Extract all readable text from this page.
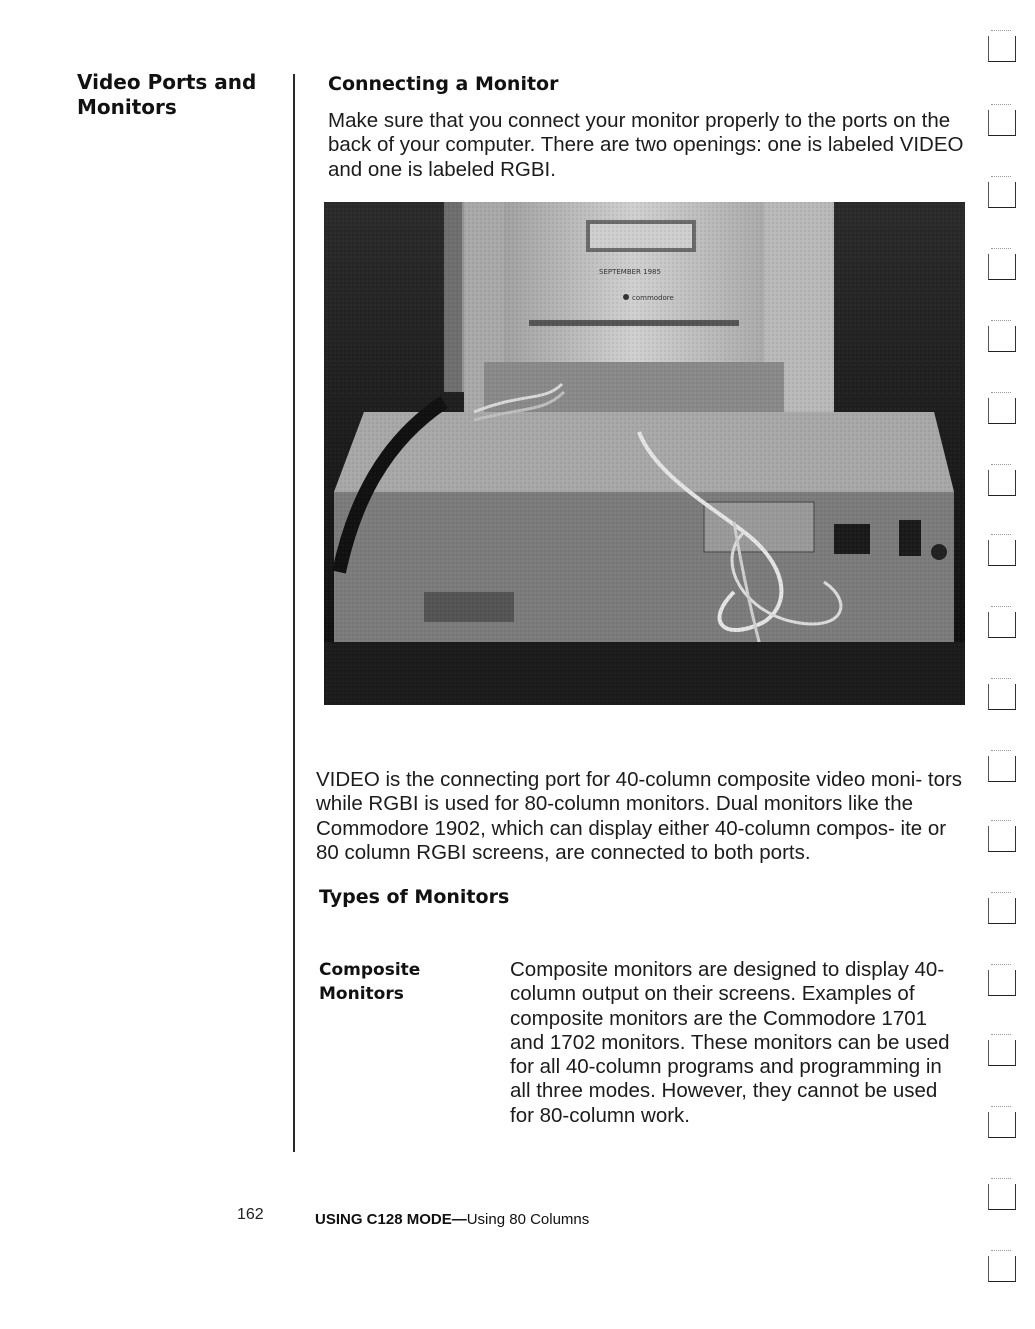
Video Ports and Monitors
Connecting a Monitor
Make sure that you connect your monitor properly to the ports on the back of your computer. There are two openings: one is labeled VIDEO and one is labeled RGBI.
VIDEO is the connecting port for 40-column composite video moni- tors while RGBI is used for 80-column monitors. Dual monitors like the Commodore 1902, which can display either 40-column compos- ite or 80 column RGBI screens, are connected to both ports.
Types of Monitors
Composite Monitors
Composite monitors are designed to display 40- column output on their screens. Examples of composite monitors are the Commodore 1701 and 1702 monitors. These monitors can be used for all 40-column programs and programming in all three modes. However, they cannot be used for 80-column work.
162	USING C128 MODE—Using 80 Columns
